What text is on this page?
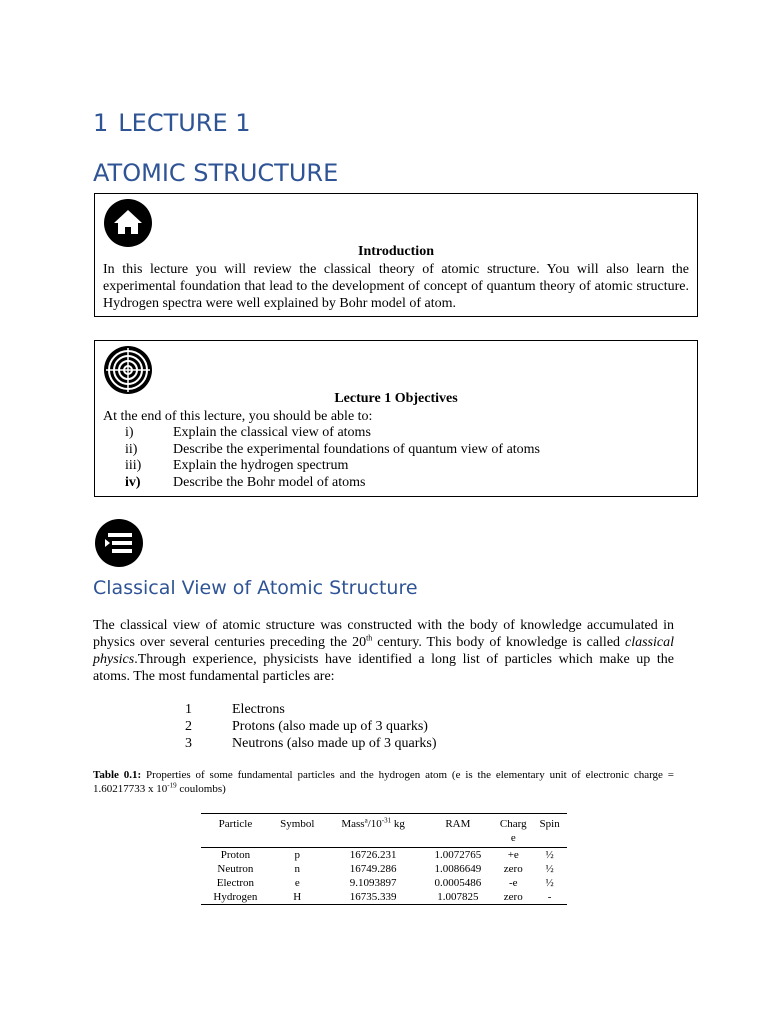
1 LECTURE 1
ATOMIC STRUCTURE
Introduction
In this lecture you will review the classical theory of atomic structure. You will also learn the experimental foundation that lead to the development of concept of quantum theory of atomic structure. Hydrogen spectra were well explained by Bohr model of atom.
Lecture 1 Objectives
At the end of this lecture, you should be able to:
i)	Explain the classical view of atoms
ii)	Describe the experimental foundations of quantum view of atoms
iii)	Explain the hydrogen spectrum
iv)	Describe the Bohr model of atoms
Classical View of Atomic Structure

The classical view of atomic structure was constructed with the body of knowledge accumulated in physics over several centuries preceding the 20th century. This body of knowledge is called classical physics.Through experience, physicists have identified a long list of particles which make up the atoms. The most fundamental particles are:

1	Electrons
2	Protons (also made up of 3 quarks)
3	Neutrons (also made up of 3 quarks)

Table 0.1: Properties of some fundamental particles and the hydrogen atom (e is the elementary unit of electronic charge = 1.60217733 x $10^{-19}$ coulombs)

Particle	Symbol	$Mass^a/10^{-31}$ kg	RAM	Charg e	Spin
Proton	p	16726.231	1.0072765	+e	½
Neutron	n	16749.286	1.0086649	zero	½
Electron	e	9.1093897	0.0005486	-e	½
Hydrogen	H	16735.339	1.007825	zero	-
